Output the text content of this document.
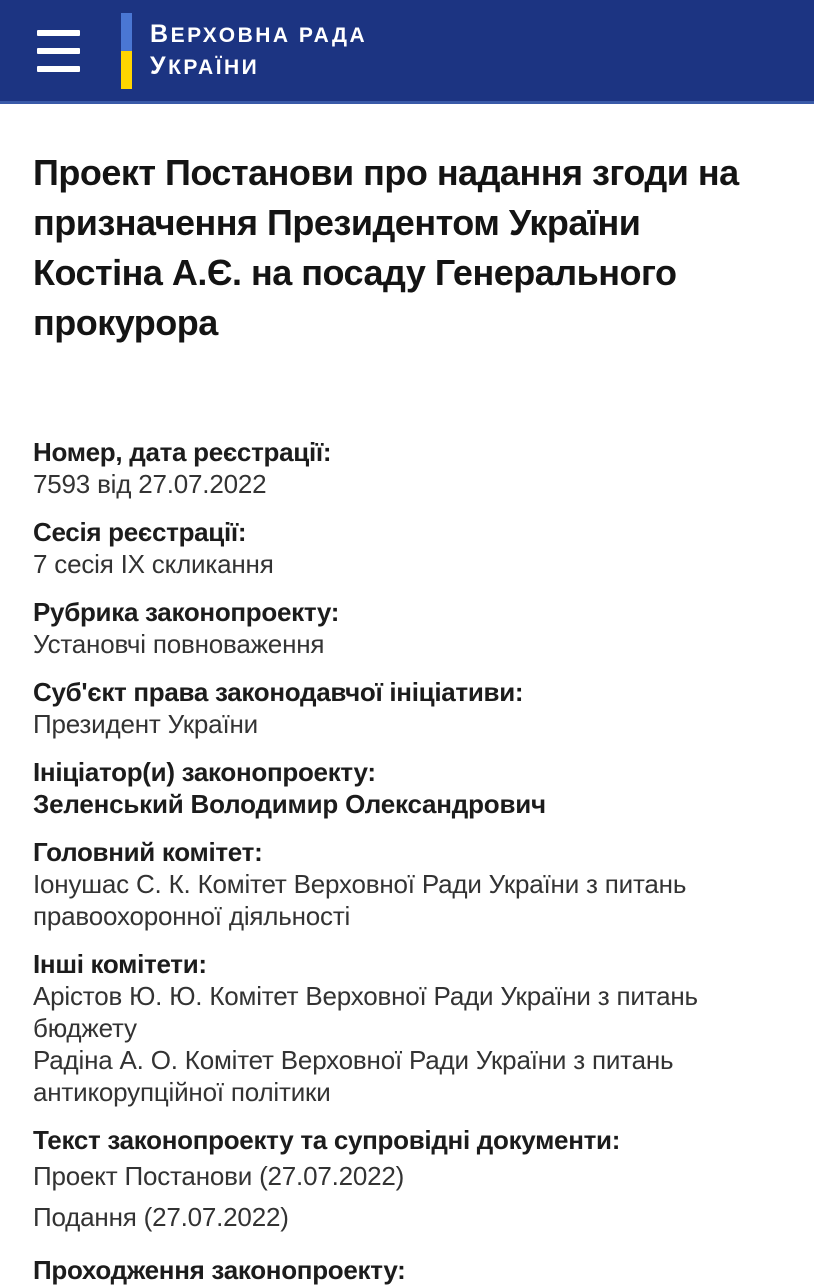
ВЕРХОВНА РАДА
УКРАЇНИ
Проект Постанови про надання згоди на
призначення Президентом України
Костіна А.Є. на посаду Генерального
прокурора
Номер, дата реєстрації:
7593 від 27.07.2022
Сесія реєстрації:
7 сесія ІХ скликання
Рубрика законопроекту:
Установчі повноваження
Суб'єкт права законодавчої ініціативи:
Президент України
Ініціатор(и) законопроекту:
Зеленський Володимир Олександрович
Головний комітет:
Іонушас С. К. Комітет Верховної Ради України з питань
правоохоронної діяльності
Інші комітети:
Арістов Ю. Ю. Комітет Верховної Ради України з питань
бюджету
Радіна А. О. Комітет Верховної Ради України з питань
антикорупційної політики
Текст законопроекту та супровідні документи:
Проект Постанови (27.07.2022)
Подання (27.07.2022)
Проходження законопроекту:
